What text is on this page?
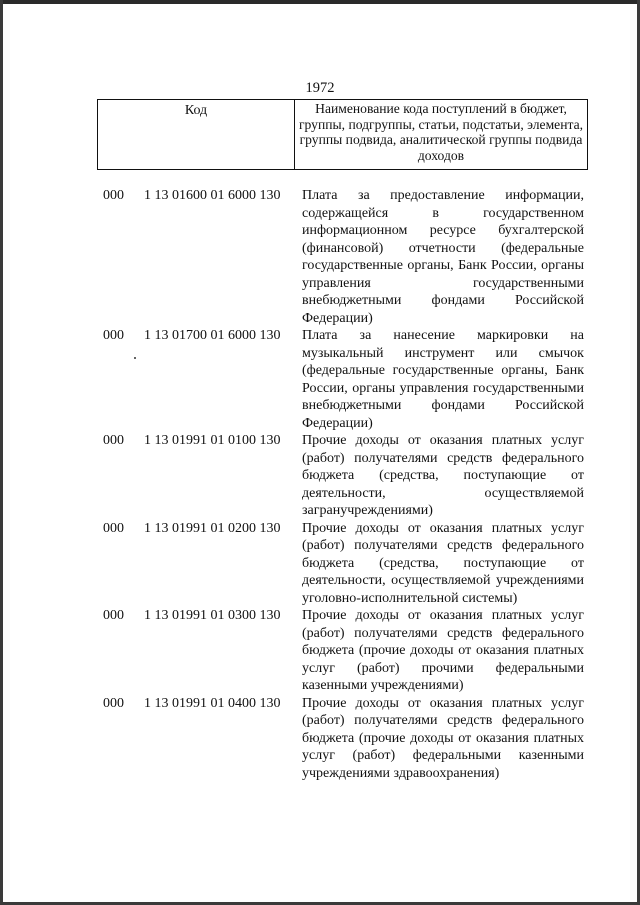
1972
Код	Наименование кода поступлений в бюджет, группы, подгруппы, статьи, подстатьи, элемента, группы подвида, аналитической группы подвида доходов
000 1 13 01600 01 6000 130 Плата за предоставление информации, содержащейся в государственном информационном ресурсе бухгалтерской (финансовой) отчетности (федеральные государственные органы, Банк России, органы управления государственными внебюджетными фондами Российской Федерации)
000 1 13 01700 01 6000 130 Плата за нанесение маркировки на музыкальный инструмент или смычок (федеральные государственные органы, Банк России, органы управления государственными внебюджетными фондами Российской Федерации)
000 1 13 01991 01 0100 130 Прочие доходы от оказания платных услуг (работ) получателями средств федерального бюджета (средства, поступающие от деятельности, осуществляемой загранучреждениями)
000 1 13 01991 01 0200 130 Прочие доходы от оказания платных услуг (работ) получателями средств федерального бюджета (средства, поступающие от деятельности, осуществляемой учреждениями уголовно-исполнительной системы)
000 1 13 01991 01 0300 130 Прочие доходы от оказания платных услуг (работ) получателями средств федерального бюджета (прочие доходы от оказания платных услуг (работ) прочими федеральными казенными учреждениями)
000 1 13 01991 01 0400 130 Прочие доходы от оказания платных услуг (работ) получателями средств федерального бюджета (прочие доходы от оказания платных услуг (работ) федеральными казенными учреждениями здравоохранения)
